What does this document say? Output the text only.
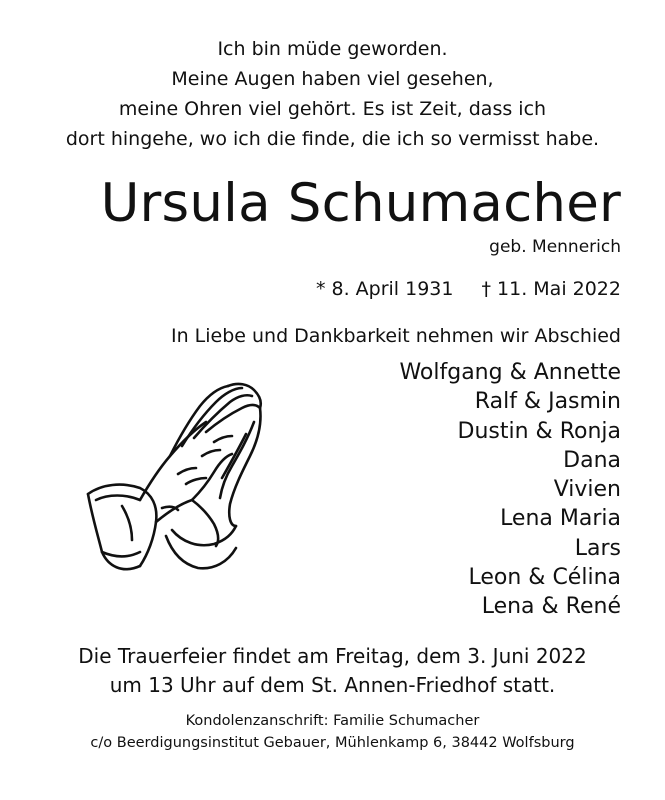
Ich bin müde geworden.
Meine Augen haben viel gesehen,
meine Ohren viel gehört. Es ist Zeit, dass ich
dort hingehe, wo ich die finde, die ich so vermisst habe.
Ursula Schumacher
geb. Mennerich
* 8. April 1931 † 11. Mai 2022
In Liebe und Dankbarkeit nehmen wir Abschied
Wolfgang & Annette
Ralf & Jasmin
Dustin & Ronja
Dana
Vivien
Lena Maria
Lars
Leon & Célina
Lena & René
Die Trauerfeier findet am Freitag, dem 3. Juni 2022
um 13 Uhr auf dem St. Annen-Friedhof statt.
Kondolenzanschrift: Familie Schumacher
c/o Beerdigungsinstitut Gebauer, Mühlenkamp 6, 38442 Wolfsburg
